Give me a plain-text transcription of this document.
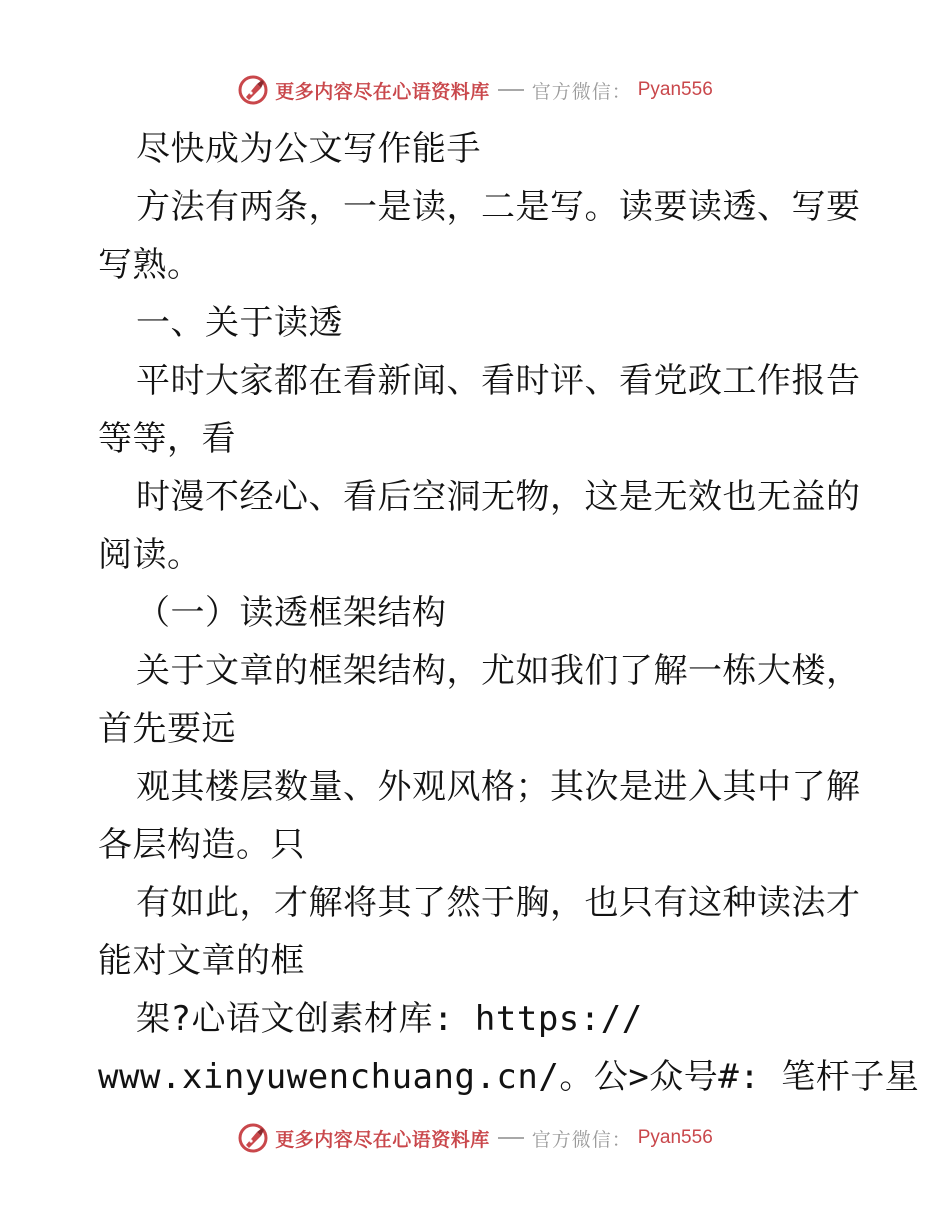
更多内容尽在心语资料库 官方微信： Pyan556
尽快成为公文写作能手
方法有两条，一是读，二是写。读要读透、写要
写熟。
一、关于读透
平时大家都在看新闻、看时评、看党政工作报告
等等，看
时漫不经心、看后空洞无物，这是无效也无益的
阅读。
（一）读透框架结构
关于文章的框架结构，尤如我们了解一栋大楼，
首先要远
观其楼层数量、外观风格；其次是进入其中了解
各层构造。只
有如此，才解将其了然于胸，也只有这种读法才
能对文章的框
架?心语文创素材库: https://
www.xinyuwenchuang.cn/。公>众号#: 笔杆子星
更多内容尽在心语资料库 官方微信： Pyan556
